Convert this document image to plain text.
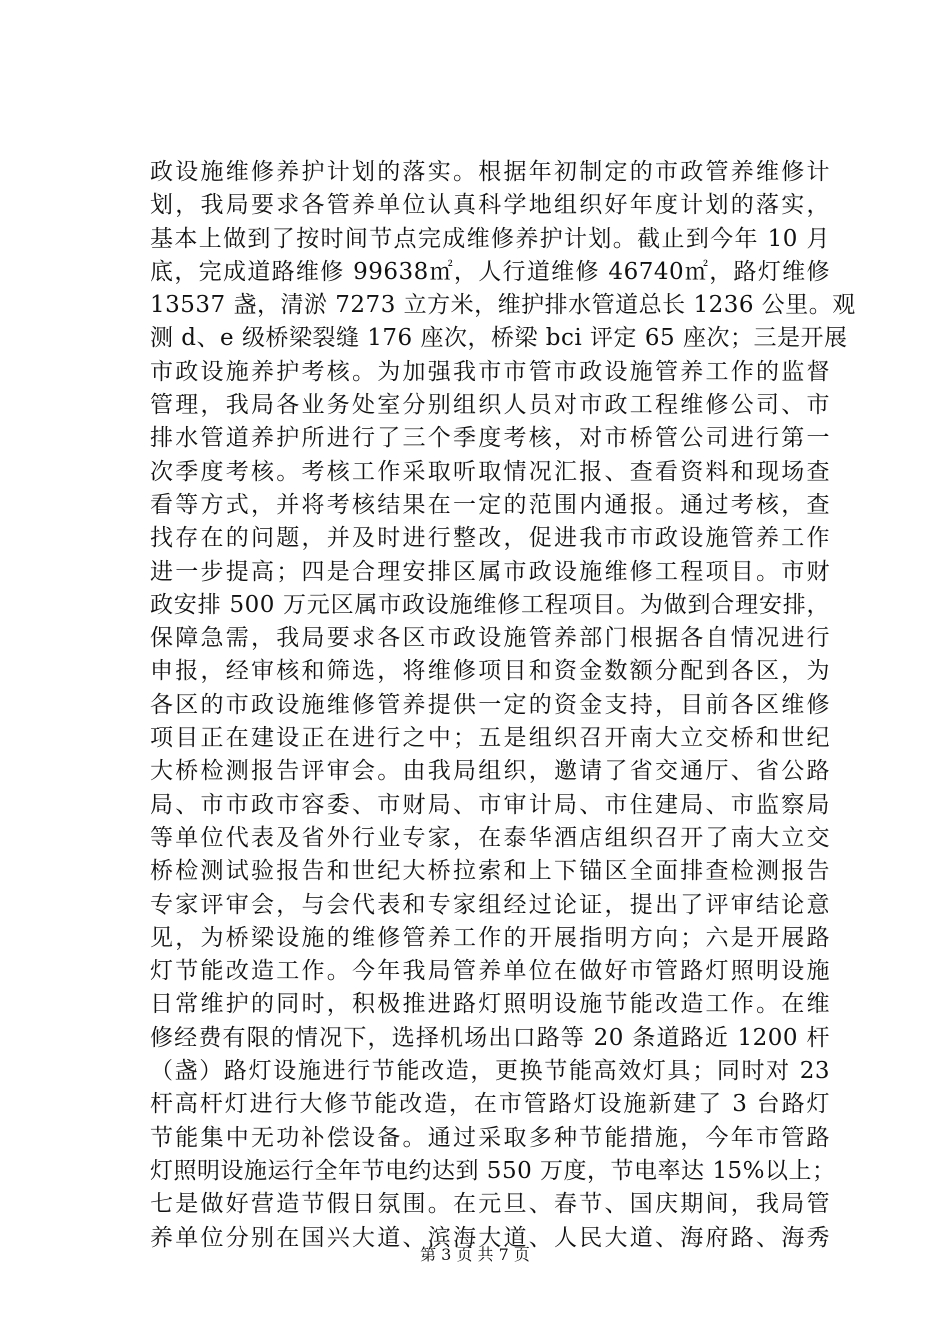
政设施维修养护计划的落实。根据年初制定的市政管养维修计
划，我局要求各管养单位认真科学地组织好年度计划的落实，
基本上做到了按时间节点完成维修养护计划。截止到今年 10 月
底，完成道路维修 99638㎡，人行道维修 46740㎡，路灯维修
13537 盏，清淤 7273 立方米，维护排水管道总长 1236 公里。观
测 d、e 级桥梁裂缝 176 座次，桥梁 bci 评定 65 座次；三是开展
市政设施养护考核。为加强我市市管市政设施管养工作的监督
管理，我局各业务处室分别组织人员对市政工程维修公司、市
排水管道养护所进行了三个季度考核，对市桥管公司进行第一
次季度考核。考核工作采取听取情况汇报、查看资料和现场查
看等方式，并将考核结果在一定的范围内通报。通过考核，查
找存在的问题，并及时进行整改，促进我市市政设施管养工作
进一步提高；四是合理安排区属市政设施维修工程项目。市财
政安排 500 万元区属市政设施维修工程项目。为做到合理安排，
保障急需，我局要求各区市政设施管养部门根据各自情况进行
申报，经审核和筛选，将维修项目和资金数额分配到各区，为
各区的市政设施维修管养提供一定的资金支持，目前各区维修
项目正在建设正在进行之中；五是组织召开南大立交桥和世纪
大桥检测报告评审会。由我局组织，邀请了省交通厅、省公路
局、市市政市容委、市财局、市审计局、市住建局、市监察局
等单位代表及省外行业专家，在泰华酒店组织召开了南大立交
桥检测试验报告和世纪大桥拉索和上下锚区全面排查检测报告
专家评审会，与会代表和专家组经过论证，提出了评审结论意
见，为桥梁设施的维修管养工作的开展指明方向；六是开展路
灯节能改造工作。今年我局管养单位在做好市管路灯照明设施
日常维护的同时，积极推进路灯照明设施节能改造工作。在维
修经费有限的情况下，选择机场出口路等 20 条道路近 1200 杆
（盏）路灯设施进行节能改造，更换节能高效灯具；同时对 23
杆高杆灯进行大修节能改造，在市管路灯设施新建了 3 台路灯
节能集中无功补偿设备。通过采取多种节能措施，今年市管路
灯照明设施运行全年节电约达到 550 万度，节电率达 15%以上；
七是做好营造节假日氛围。在元旦、春节、国庆期间，我局管
养单位分别在国兴大道、滨海大道、人民大道、海府路、海秀
第 3 页 共 7 页
